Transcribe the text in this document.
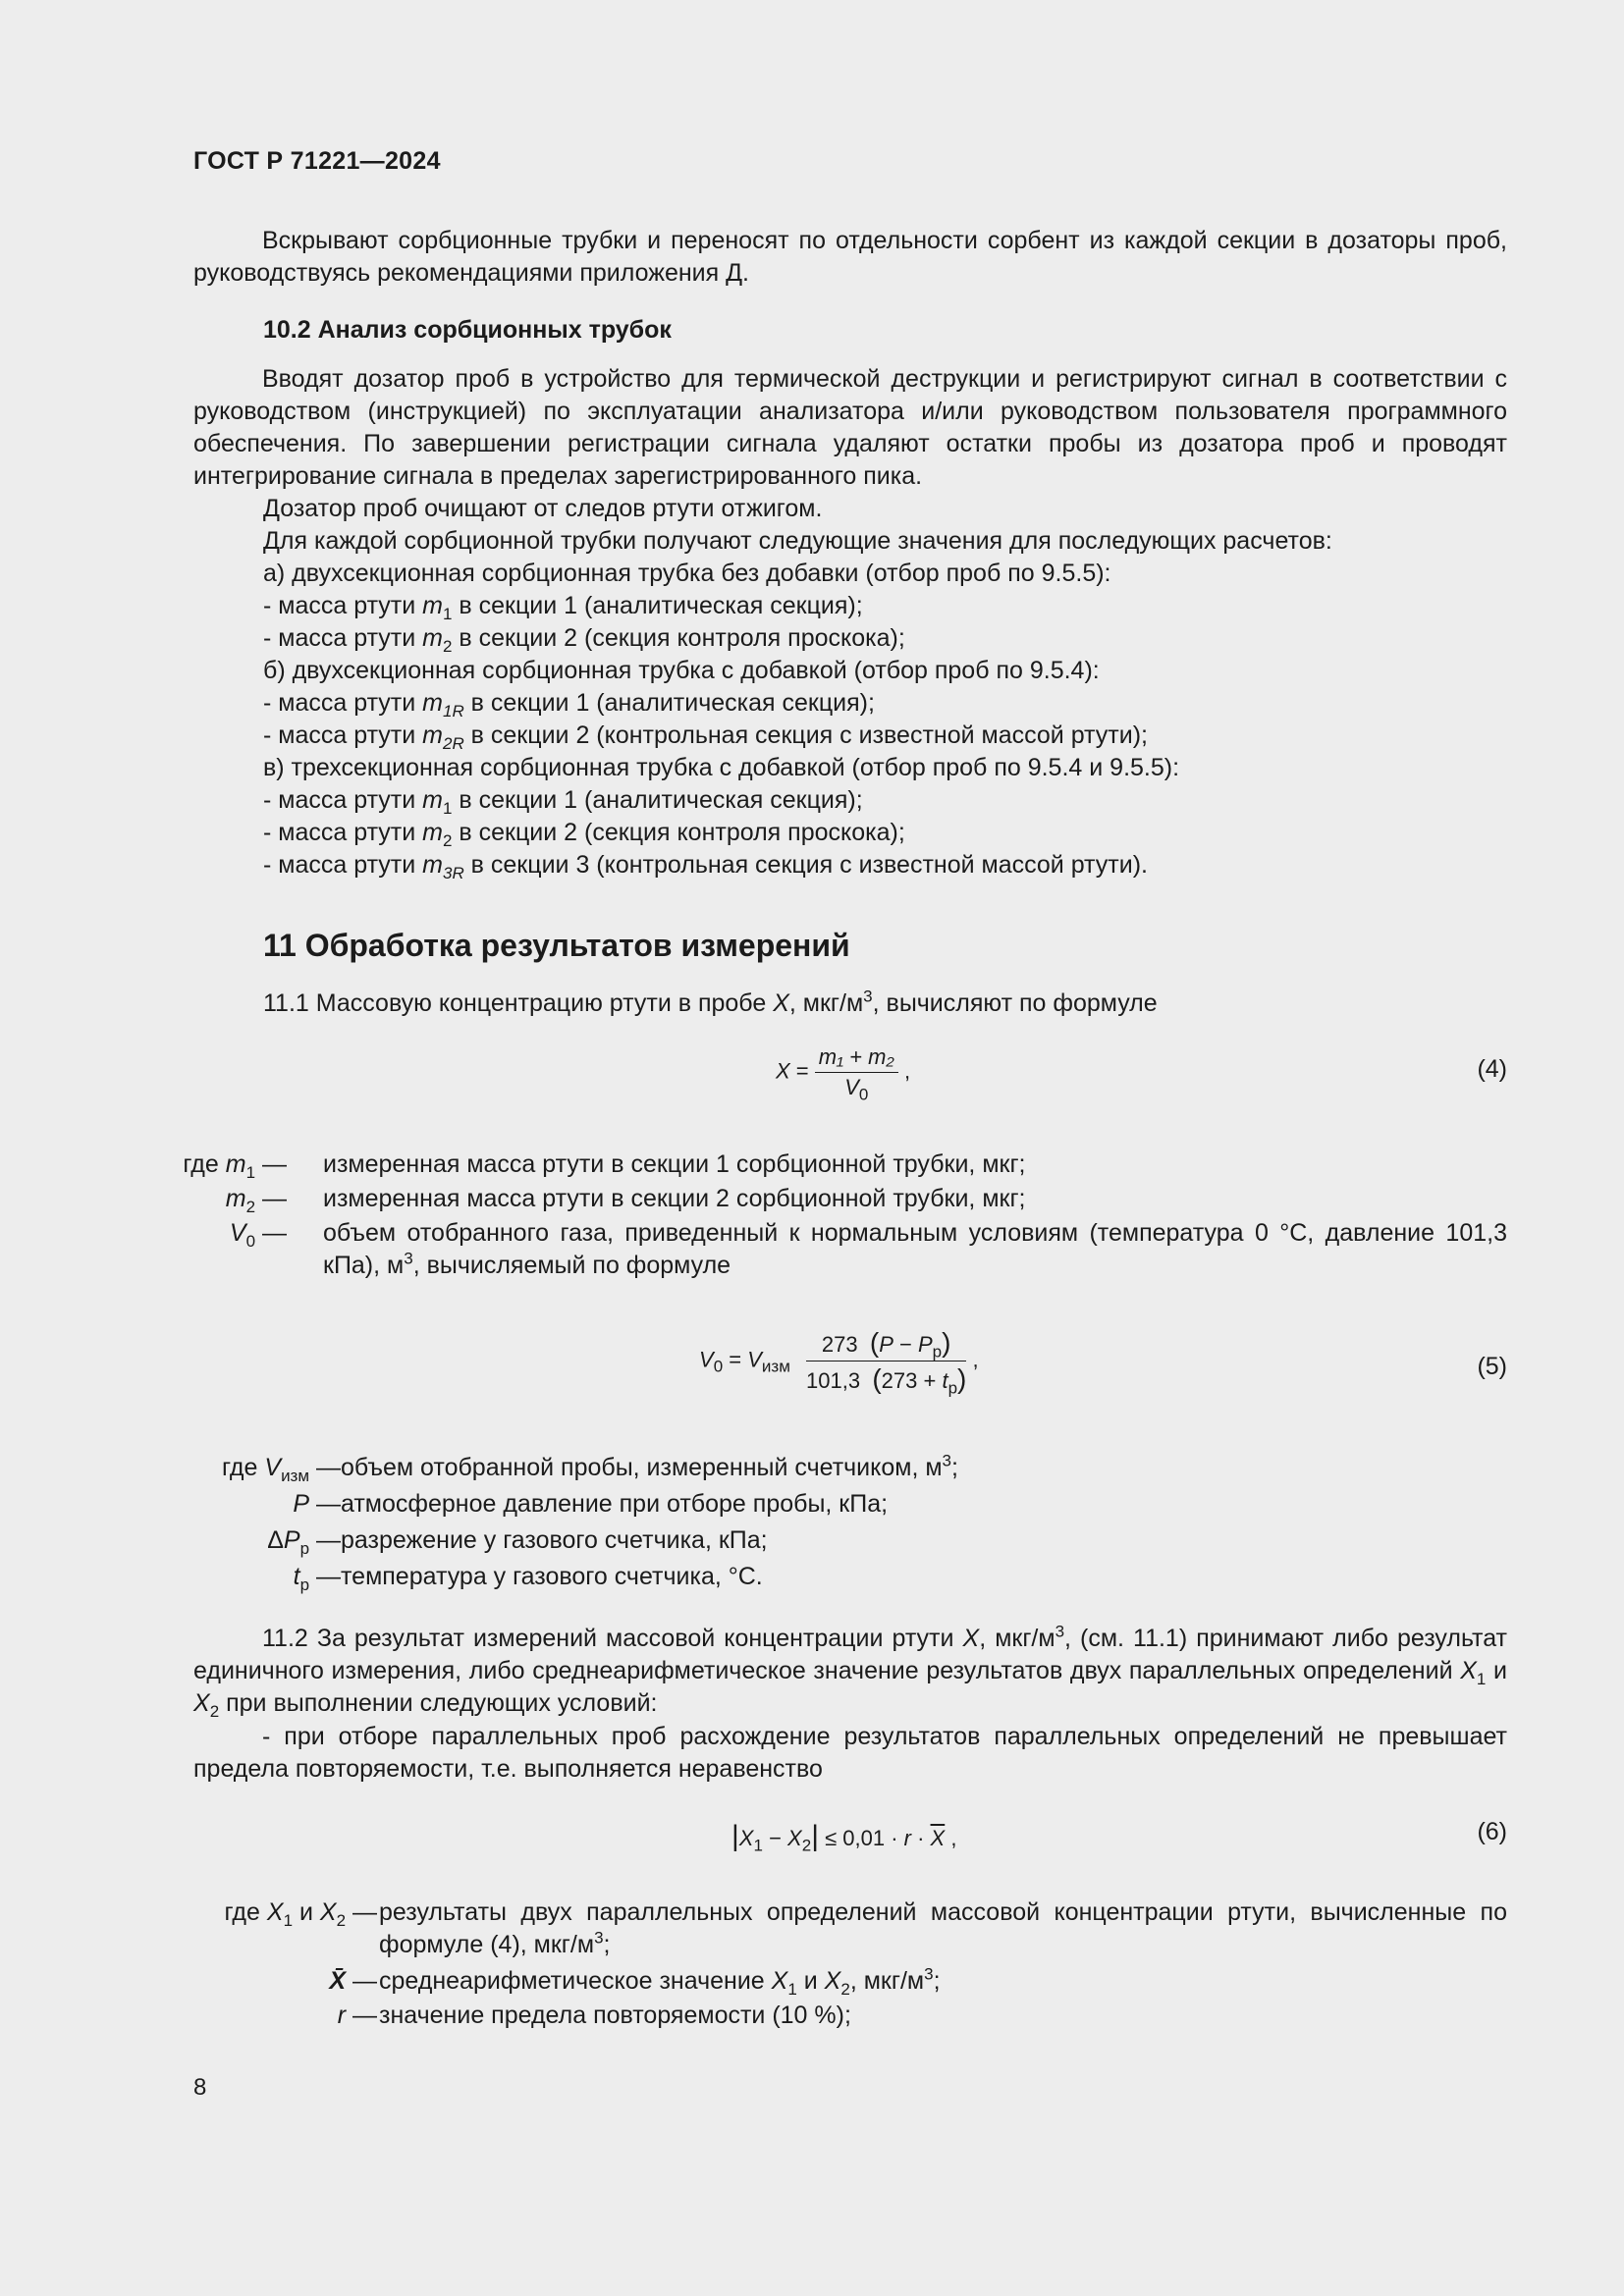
ГОСТ Р 71221—2024
Вскрывают сорбционные трубки и переносят по отдельности сорбент из каждой секции в дозаторы проб, руководствуясь рекомендациями приложения Д.
10.2 Анализ сорбционных трубок
Вводят дозатор проб в устройство для термической деструкции и регистрируют сигнал в соответствии с руководством (инструкцией) по эксплуатации анализатора и/или руководством пользователя программного обеспечения. По завершении регистрации сигнала удаляют остатки пробы из дозатора проб и проводят интегрирование сигнала в пределах зарегистрированного пика.
Дозатор проб очищают от следов ртути отжигом.
Для каждой сорбционной трубки получают следующие значения для последующих расчетов:
а) двухсекционная сорбционная трубка без добавки (отбор проб по 9.5.5):
- масса ртути $m_1$ в секции 1 (аналитическая секция);
- масса ртути $m_2$ в секции 2 (секция контроля проскока);
б) двухсекционная сорбционная трубка с добавкой (отбор проб по 9.5.4):
- масса ртути $m_{1R}$ в секции 1 (аналитическая секция);
- масса ртути $m_{2R}$ в секции 2 (контрольная секция с известной массой ртути);
в) трехсекционная сорбционная трубка с добавкой (отбор проб по 9.5.4 и 9.5.5):
- масса ртути $m_1$ в секции 1 (аналитическая секция);
- масса ртути $m_2$ в секции 2 (секция контроля проскока);
- масса ртути $m_{3R}$ в секции 3 (контрольная секция с известной массой ртути).
11 Обработка результатов измерений
11.1 Массовую концентрацию ртути в пробе X, мкг/$м^3$, вычисляют по формуле
$X = \frac{\text{m₁ + m₂}}{V_0}$ ,	(4)
где $m_1$ — измеренная масса ртути в секции 1 сорбционной трубки, мкг;
$m_2$ — измеренная масса ртути в секции 2 сорбционной трубки, мкг;
$V_0$ — объем отобранного газа, приведенный к нормальным условиям (температура 0 °С, давление 101,3 кПа), $м^3$, вычисляемый по формуле
$V_0 = V_{изм} \frac{273 (P - P_р)}{101,3 (273 + t_р)}$ ,	(5)
где $V_{изм}$ — объем отобранной пробы, измеренный счетчиком, $м^3$;
P — атмосферное давление при отборе пробы, кПа;
$\Delta P_р$ — разрежение у газового счетчика, кПа;
$t_р$ — температура у газового счетчика, °С.
11.2 За результат измерений массовой концентрации ртути X, мкг/$м^3$, (см. 11.1) принимают либо результат единичного измерения, либо среднеарифметическое значение результатов двух параллельных определений $X_1$ и $X_2$ при выполнении следующих условий:
- при отборе параллельных проб расхождение результатов параллельных определений не превышает предела повторяемости, т.е. выполняется неравенство
$|X_1 - X_2| \le 0,01 \cdot r \cdot \overline{X}$ ,	(6)
где $X_1$ и $X_2$ — результаты двух параллельных определений массовой концентрации ртути, вычисленные по формуле (4), мкг/$м^3$;
X̄ — среднеарифметическое значение $X_1$ и $X_2$, мкг/$м^3$;
r — значение предела повторяемости (10 %);
8
